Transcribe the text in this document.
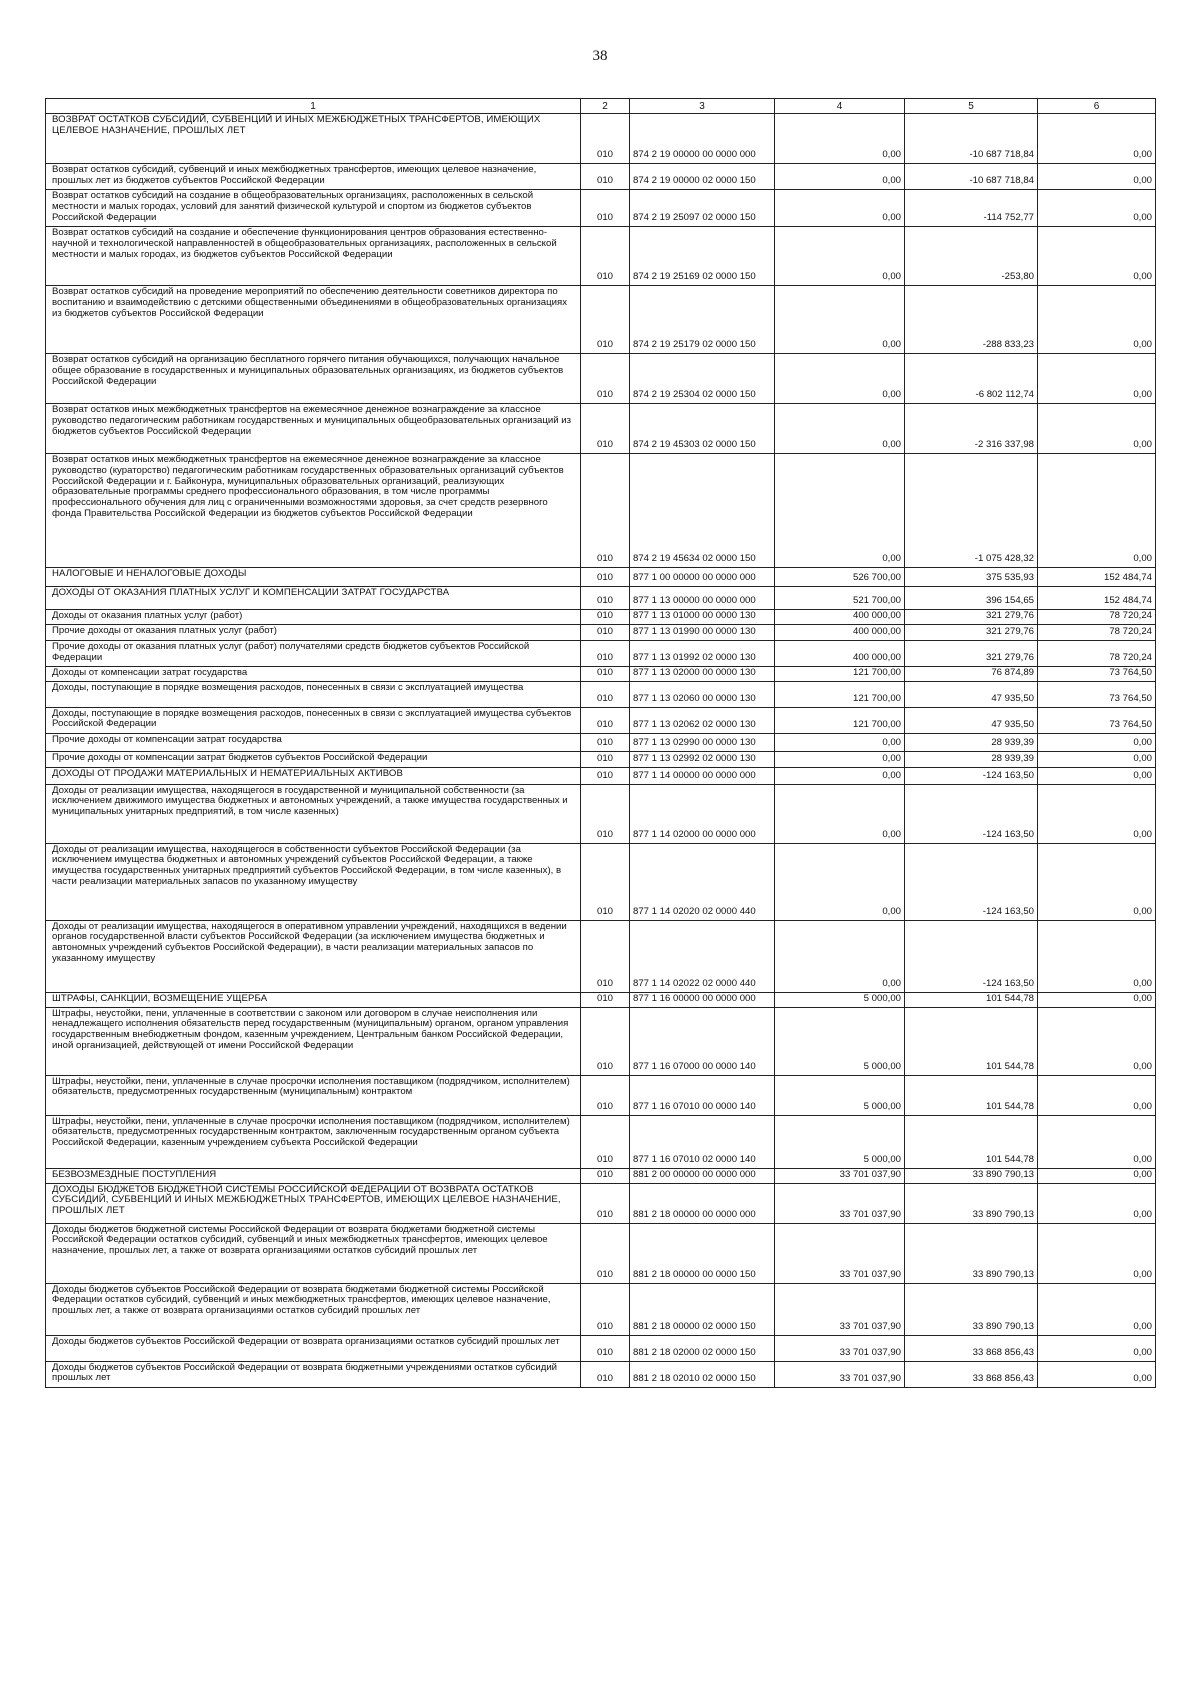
38
1	2	3	4	5	6
ВОЗВРАТ ОСТАТКОВ СУБСИДИЙ, СУБВЕНЦИЙ И ИНЫХ МЕЖБЮДЖЕТНЫХ ТРАНСФЕРТОВ, ИМЕЮЩИХ ЦЕЛЕВОЕ НАЗНАЧЕНИЕ, ПРОШЛЫХ ЛЕТ	010	874 2 19 00000 00 0000 000	0,00	-10 687 718,84	0,00
Возврат остатков субсидий, субвенций и иных межбюджетных трансфертов, имеющих целевое назначение, прошлых лет из бюджетов субъектов Российской Федерации	010	874 2 19 00000 02 0000 150	0,00	-10 687 718,84	0,00
Возврат остатков субсидий на создание в общеобразовательных организациях, расположенных в сельской местности и малых городах, условий для занятий физической культурой и спортом из бюджетов субъектов Российской Федерации	010	874 2 19 25097 02 0000 150	0,00	-114 752,77	0,00
Возврат остатков субсидий на создание и обеспечение функционирования центров образования естественно-научной и технологической направленностей в общеобразовательных организациях, расположенных в сельской местности и малых городах, из бюджетов субъектов Российской Федерации	010	874 2 19 25169 02 0000 150	0,00	-253,80	0,00
Возврат остатков субсидий на проведение мероприятий по обеспечению деятельности советников директора по воспитанию и взаимодействию с детскими общественными объединениями в общеобразовательных организациях из бюджетов субъектов Российской Федерации	010	874 2 19 25179 02 0000 150	0,00	-288 833,23	0,00
Возврат остатков субсидий на организацию бесплатного горячего питания обучающихся, получающих начальное общее образование в государственных и муниципальных образовательных организациях, из бюджетов субъектов Российской Федерации	010	874 2 19 25304 02 0000 150	0,00	-6 802 112,74	0,00
Возврат остатков иных межбюджетных трансфертов на ежемесячное денежное вознаграждение за классное руководство педагогическим работникам государственных и муниципальных общеобразовательных организаций из бюджетов субъектов Российской Федерации	010	874 2 19 45303 02 0000 150	0,00	-2 316 337,98	0,00
Возврат остатков иных межбюджетных трансфертов на ежемесячное денежное вознаграждение за классное руководство (кураторство) педагогическим работникам государственных образовательных организаций субъектов Российской Федерации и г. Байконура, муниципальных образовательных организаций, реализующих образовательные программы среднего профессионального образования, в том числе программы профессионального обучения для лиц с ограниченными возможностями здоровья, за счет средств резервного фонда Правительства Российской Федерации из бюджетов субъектов Российской Федерации	010	874 2 19 45634 02 0000 150	0,00	-1 075 428,32	0,00
НАЛОГОВЫЕ И НЕНАЛОГОВЫЕ ДОХОДЫ	010	877 1 00 00000 00 0000 000	526 700,00	375 535,93	152 484,74
ДОХОДЫ ОТ ОКАЗАНИЯ ПЛАТНЫХ УСЛУГ И КОМПЕНСАЦИИ ЗАТРАТ ГОСУДАРСТВА	010	877 1 13 00000 00 0000 000	521 700,00	396 154,65	152 484,74
Доходы от оказания платных услуг (работ)	010	877 1 13 01000 00 0000 130	400 000,00	321 279,76	78 720,24
Прочие доходы от оказания платных услуг (работ)	010	877 1 13 01990 00 0000 130	400 000,00	321 279,76	78 720,24
Прочие доходы от оказания платных услуг (работ) получателями средств бюджетов субъектов Российской Федерации	010	877 1 13 01992 02 0000 130	400 000,00	321 279,76	78 720,24
Доходы от компенсации затрат государства	010	877 1 13 02000 00 0000 130	121 700,00	76 874,89	73 764,50
Доходы, поступающие в порядке возмещения расходов, понесенных в связи с эксплуатацией имущества	010	877 1 13 02060 00 0000 130	121 700,00	47 935,50	73 764,50
Доходы, поступающие в порядке возмещения расходов, понесенных в связи с эксплуатацией имущества субъектов Российской Федерации	010	877 1 13 02062 02 0000 130	121 700,00	47 935,50	73 764,50
Прочие доходы от компенсации затрат государства	010	877 1 13 02990 00 0000 130	0,00	28 939,39	0,00
Прочие доходы от компенсации затрат бюджетов субъектов Российской Федерации	010	877 1 13 02992 02 0000 130	0,00	28 939,39	0,00
ДОХОДЫ ОТ ПРОДАЖИ МАТЕРИАЛЬНЫХ И НЕМАТЕРИАЛЬНЫХ АКТИВОВ	010	877 1 14 00000 00 0000 000	0,00	-124 163,50	0,00
Доходы от реализации имущества, находящегося в государственной и муниципальной собственности (за исключением движимого имущества бюджетных и автономных учреждений, а также имущества государственных и муниципальных унитарных предприятий, в том числе казенных)	010	877 1 14 02000 00 0000 000	0,00	-124 163,50	0,00
Доходы от реализации имущества, находящегося в собственности субъектов Российской Федерации (за исключением имущества бюджетных и автономных учреждений субъектов Российской Федерации, а также имущества государственных унитарных предприятий субъектов Российской Федерации, в том числе казенных), в части реализации материальных запасов по указанному имуществу	010	877 1 14 02020 02 0000 440	0,00	-124 163,50	0,00
Доходы от реализации имущества, находящегося в оперативном управлении учреждений, находящихся в ведении органов государственной власти субъектов Российской Федерации (за исключением имущества бюджетных и автономных учреждений субъектов Российской Федерации), в части реализации материальных запасов по указанному имуществу	010	877 1 14 02022 02 0000 440	0,00	-124 163,50	0,00
ШТРАФЫ, САНКЦИИ, ВОЗМЕЩЕНИЕ УЩЕРБА	010	877 1 16 00000 00 0000 000	5 000,00	101 544,78	0,00
Штрафы, неустойки, пени, уплаченные в соответствии с законом или договором в случае неисполнения или ненадлежащего исполнения обязательств перед государственным (муниципальным) органом, органом управления государственным внебюджетным фондом, казенным учреждением, Центральным банком Российской Федерации, иной организацией, действующей от имени Российской Федерации	010	877 1 16 07000 00 0000 140	5 000,00	101 544,78	0,00
Штрафы, неустойки, пени, уплаченные в случае просрочки исполнения поставщиком (подрядчиком, исполнителем) обязательств, предусмотренных государственным (муниципальным) контрактом	010	877 1 16 07010 00 0000 140	5 000,00	101 544,78	0,00
Штрафы, неустойки, пени, уплаченные в случае просрочки исполнения поставщиком (подрядчиком, исполнителем) обязательств, предусмотренных государственным контрактом, заключенным государственным органом субъекта Российской Федерации, казенным учреждением субъекта Российской Федерации	010	877 1 16 07010 02 0000 140	5 000,00	101 544,78	0,00
БЕЗВОЗМЕЗДНЫЕ ПОСТУПЛЕНИЯ	010	881 2 00 00000 00 0000 000	33 701 037,90	33 890 790,13	0,00
ДОХОДЫ БЮДЖЕТОВ БЮДЖЕТНОЙ СИСТЕМЫ РОССИЙСКОЙ ФЕДЕРАЦИИ ОТ ВОЗВРАТА ОСТАТКОВ СУБСИДИЙ, СУБВЕНЦИЙ И ИНЫХ МЕЖБЮДЖЕТНЫХ ТРАНСФЕРТОВ, ИМЕЮЩИХ ЦЕЛЕВОЕ НАЗНАЧЕНИЕ, ПРОШЛЫХ ЛЕТ	010	881 2 18 00000 00 0000 000	33 701 037,90	33 890 790,13	0,00
Доходы бюджетов бюджетной системы Российской Федерации от возврата бюджетами бюджетной системы Российской Федерации остатков субсидий, субвенций и иных межбюджетных трансфертов, имеющих целевое назначение, прошлых лет, а также от возврата организациями остатков субсидий прошлых лет	010	881 2 18 00000 00 0000 150	33 701 037,90	33 890 790,13	0,00
Доходы бюджетов субъектов Российской Федерации от возврата бюджетами бюджетной системы Российской Федерации остатков субсидий, субвенций и иных межбюджетных трансфертов, имеющих целевое назначение, прошлых лет, а также от возврата организациями остатков субсидий прошлых лет	010	881 2 18 00000 02 0000 150	33 701 037,90	33 890 790,13	0,00
Доходы бюджетов субъектов Российской Федерации от возврата организациями остатков субсидий прошлых лет	010	881 2 18 02000 02 0000 150	33 701 037,90	33 868 856,43	0,00
Доходы бюджетов субъектов Российской Федерации от возврата бюджетными учреждениями остатков субсидий прошлых лет	010	881 2 18 02010 02 0000 150	33 701 037,90	33 868 856,43	0,00
